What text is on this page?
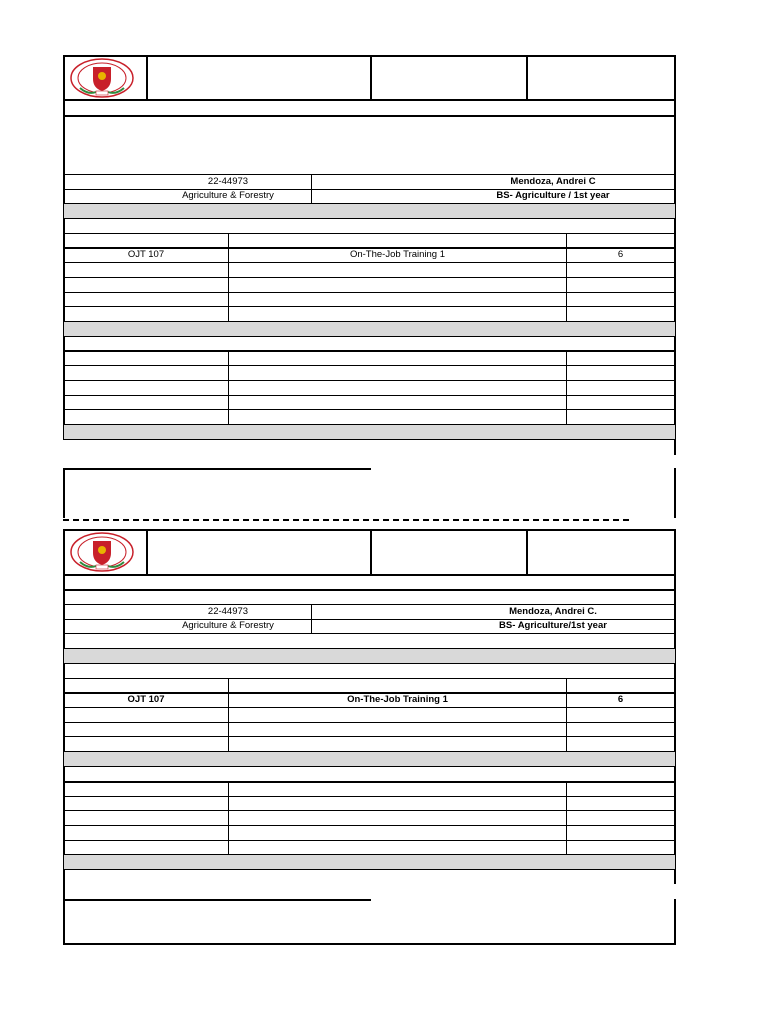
22-44973	Mendoza, Andrei C
Agriculture & Forestry	BS- Agriculture / 1st year
OJT 107	On-The-Job Training 1	6
22-44973	Mendoza, Andrei C.
Agriculture & Forestry	BS- Agriculture/1st year
OJT 107	On-The-Job Training 1	6
